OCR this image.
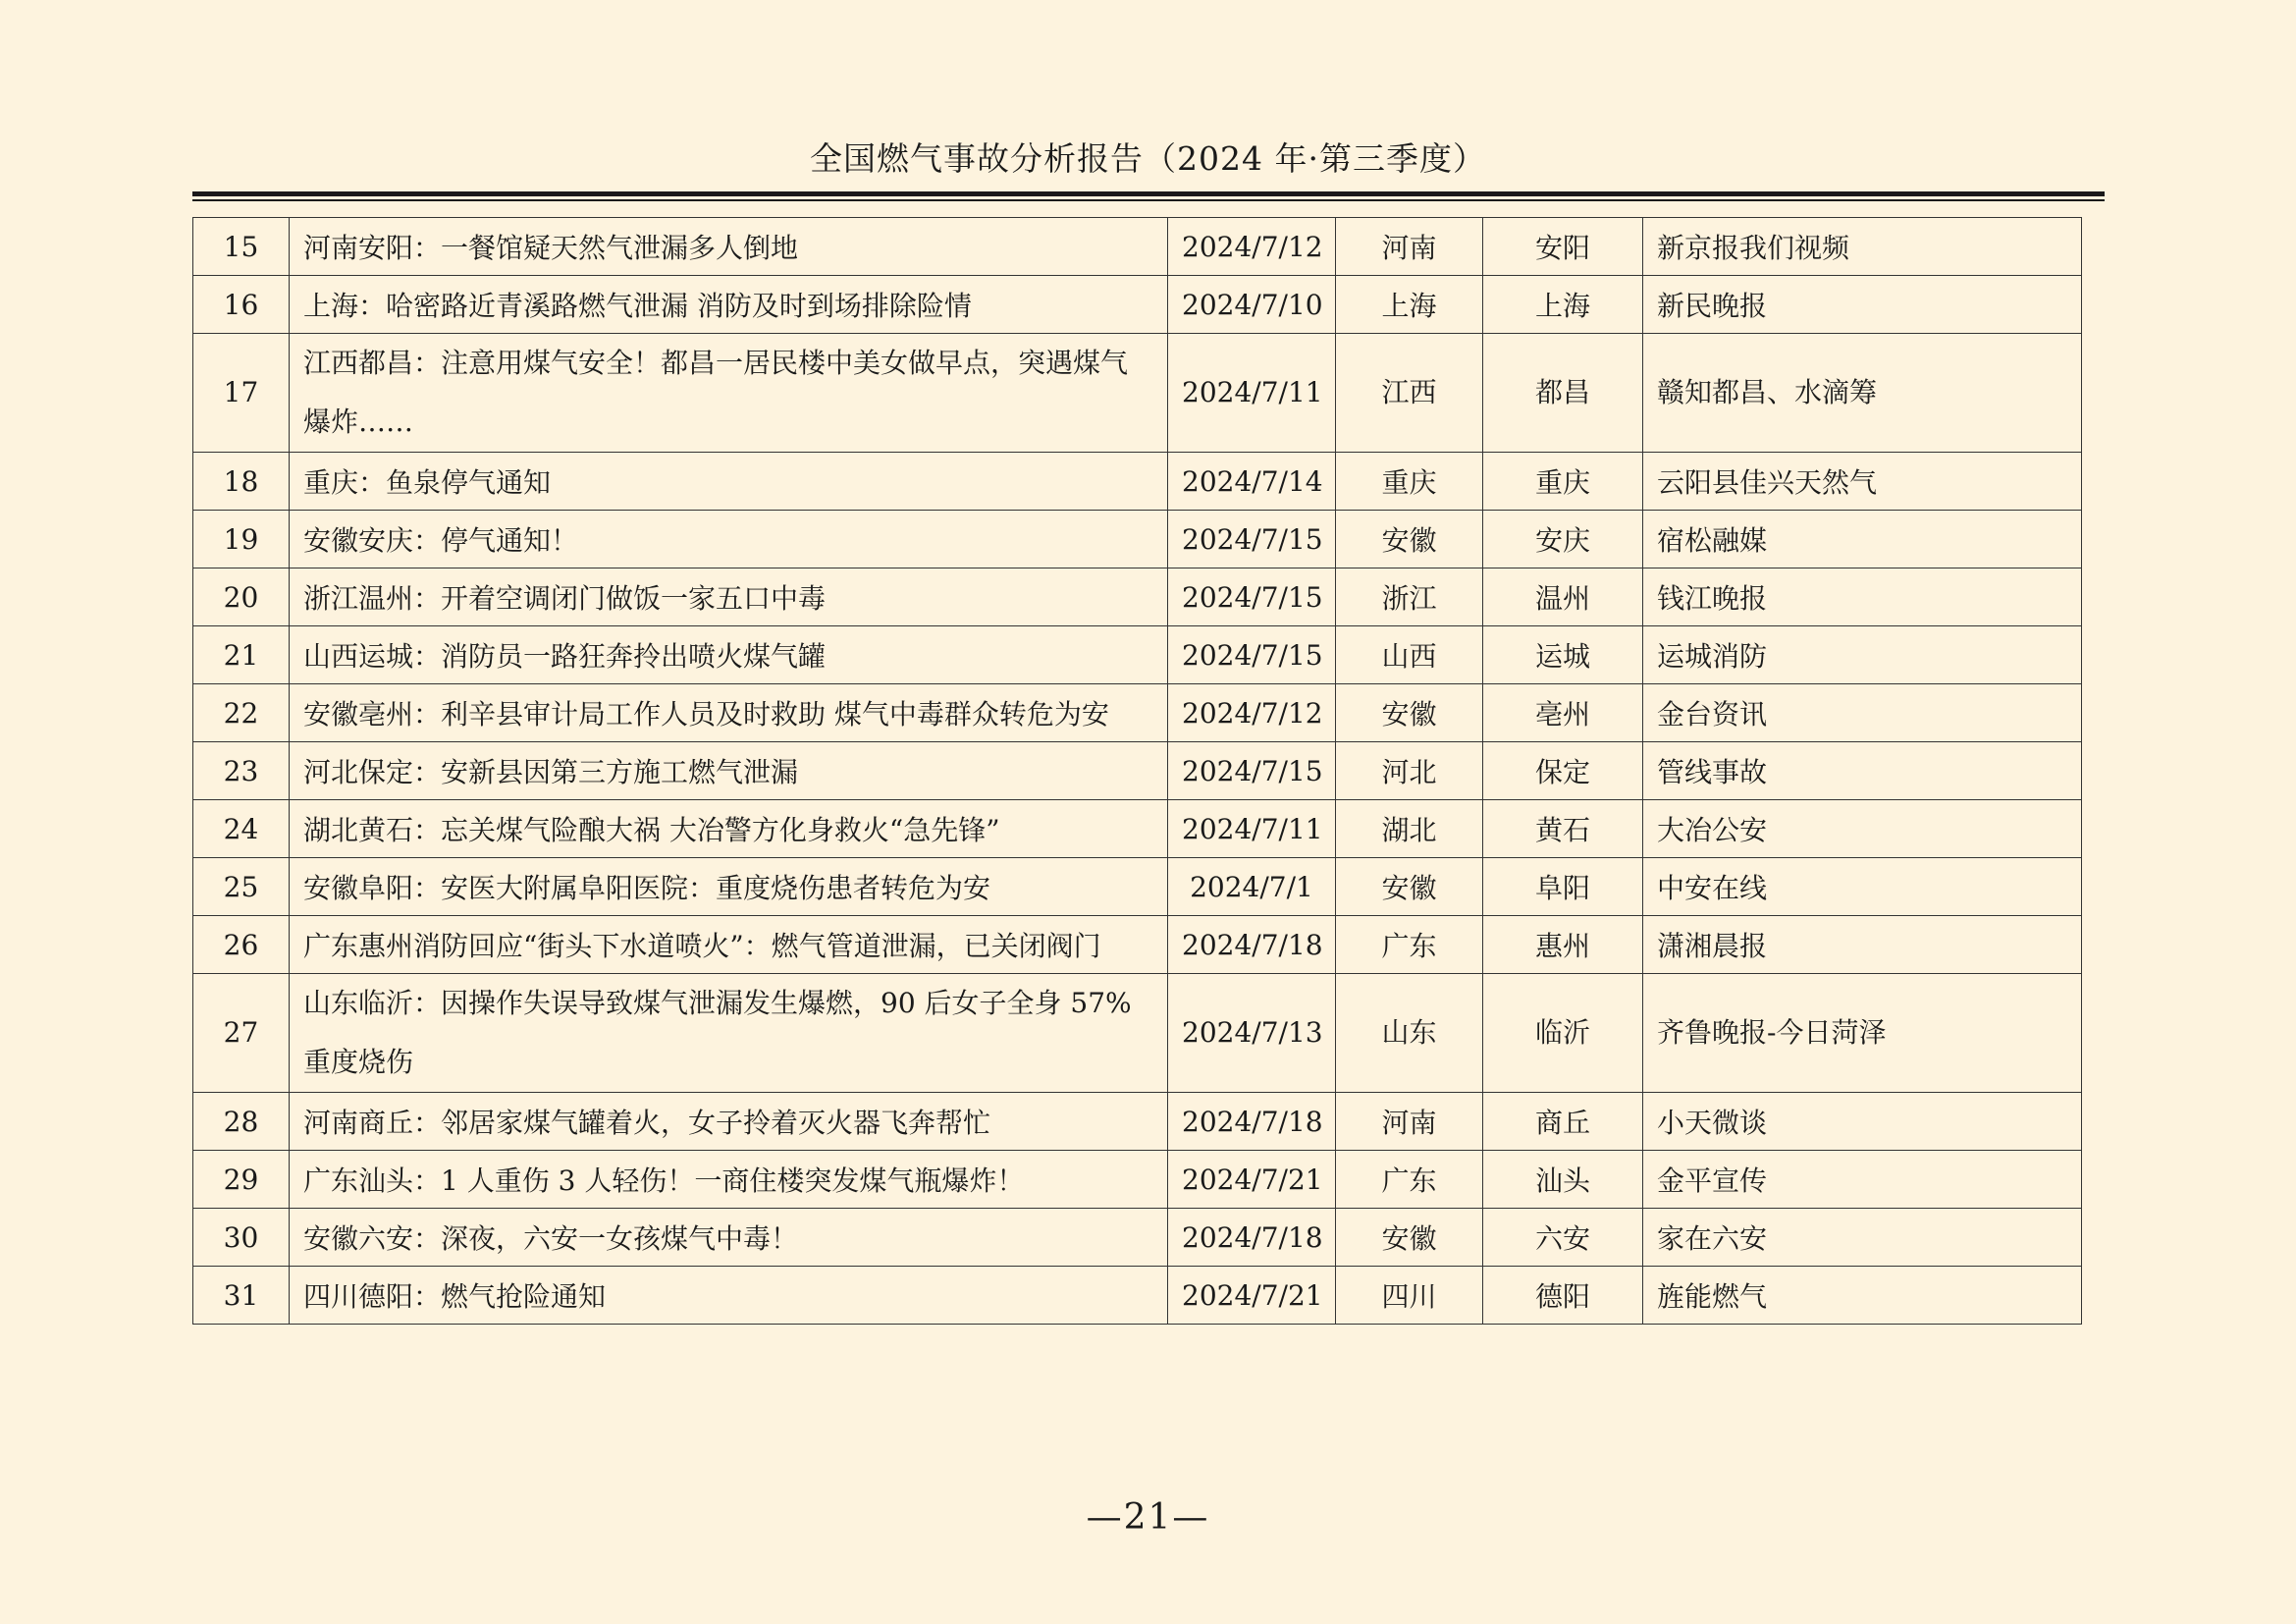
全国燃气事故分析报告（2024 年·第三季度）
15	河南安阳：一餐馆疑天然气泄漏多人倒地	2024/7/12	河南	安阳	新京报我们视频
16	上海：哈密路近青溪路燃气泄漏 消防及时到场排除险情	2024/7/10	上海	上海	新民晚报
17	江西都昌：注意用煤气安全！都昌一居民楼中美女做早点，突遇煤气爆炸……	2024/7/11	江西	都昌	赣知都昌、水滴筹
18	重庆：鱼泉停气通知	2024/7/14	重庆	重庆	云阳县佳兴天然气
19	安徽安庆：停气通知！	2024/7/15	安徽	安庆	宿松融媒
20	浙江温州：开着空调闭门做饭一家五口中毒	2024/7/15	浙江	温州	钱江晚报
21	山西运城：消防员一路狂奔拎出喷火煤气罐	2024/7/15	山西	运城	运城消防
22	安徽亳州：利辛县审计局工作人员及时救助 煤气中毒群众转危为安	2024/7/12	安徽	亳州	金台资讯
23	河北保定：安新县因第三方施工燃气泄漏	2024/7/15	河北	保定	管线事故
24	湖北黄石：忘关煤气险酿大祸 大冶警方化身救火“急先锋”	2024/7/11	湖北	黄石	大冶公安
25	安徽阜阳：安医大附属阜阳医院：重度烧伤患者转危为安	2024/7/1	安徽	阜阳	中安在线
26	广东惠州消防回应“街头下水道喷火”：燃气管道泄漏，已关闭阀门	2024/7/18	广东	惠州	潇湘晨报
27	山东临沂：因操作失误导致煤气泄漏发生爆燃，90 后女子全身 57%重度烧伤	2024/7/13	山东	临沂	齐鲁晚报-今日菏泽
28	河南商丘：邻居家煤气罐着火，女子拎着灭火器飞奔帮忙	2024/7/18	河南	商丘	小天微谈
29	广东汕头：1 人重伤 3 人轻伤！一商住楼突发煤气瓶爆炸！	2024/7/21	广东	汕头	金平宣传
30	安徽六安：深夜，六安一女孩煤气中毒！	2024/7/18	安徽	六安	家在六安
31	四川德阳：燃气抢险通知	2024/7/21	四川	德阳	旌能燃气
—21—
